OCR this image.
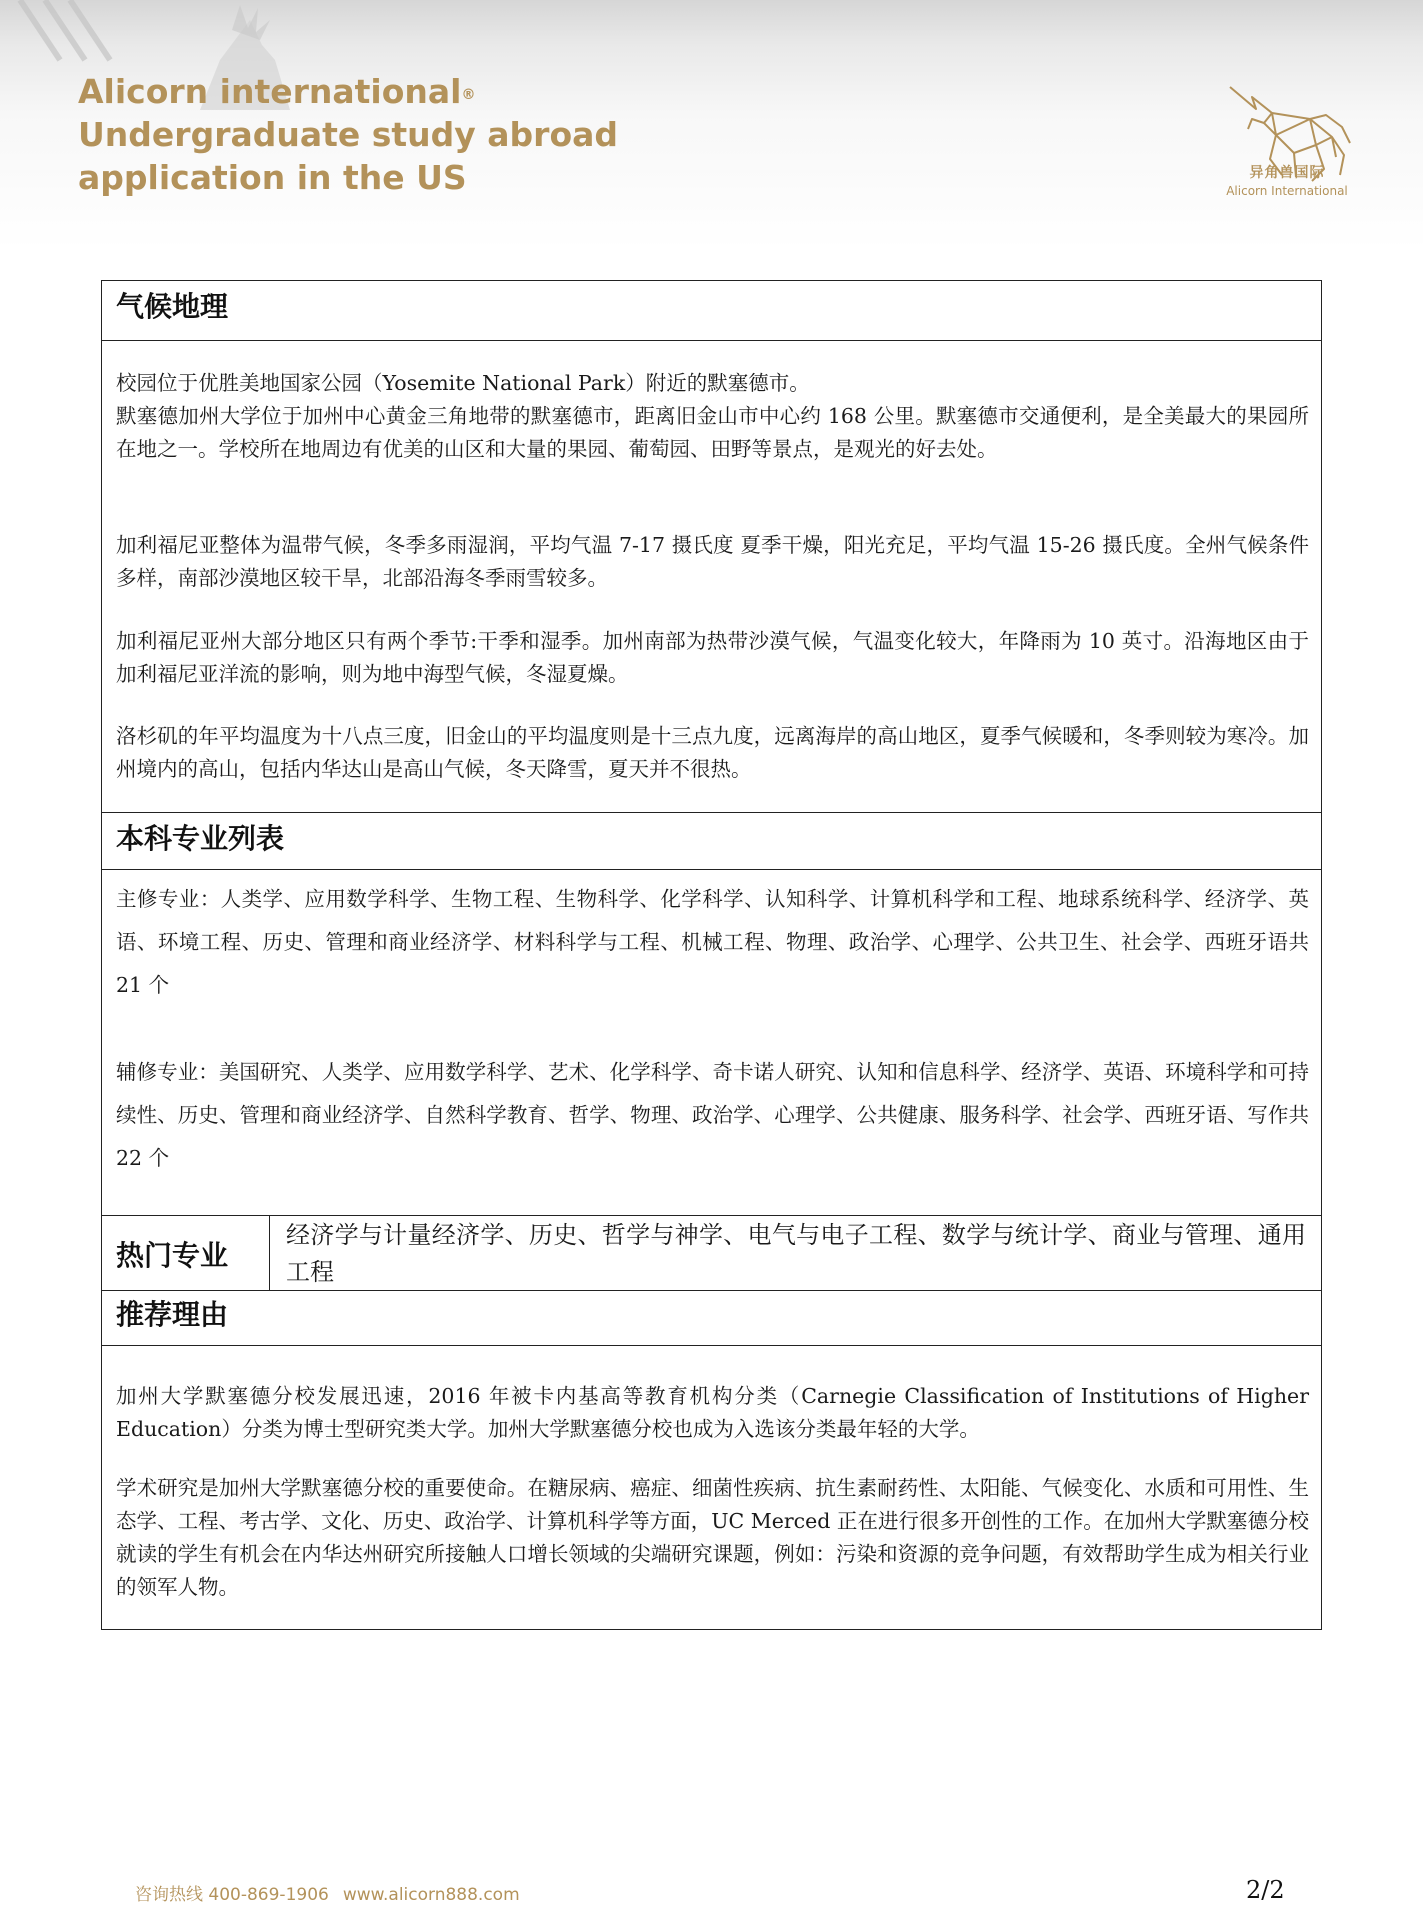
Alicorn international®
Undergraduate study abroad
application in the US	异角兽国际
Alicorn International
气候地理

校园位于优胜美地国家公园（Yosemite National Park）附近的默塞德市。

默塞德加州大学位于加州中心黄金三角地带的默塞德市，距离旧金山市中心约 168 公里。默塞德市交通便利，是全美最大的果园所在地之一。学校所在地周边有优美的山区和大量的果园、葡萄园、田野等景点，是观光的好去处。

加利福尼亚整体为温带气候，冬季多雨湿润，平均气温 7-17 摄氏度 夏季干燥，阳光充足，平均气温 15-26 摄氏度。全州气候条件多样，南部沙漠地区较干旱，北部沿海冬季雨雪较多。

加利福尼亚州大部分地区只有两个季节:干季和湿季。加州南部为热带沙漠气候，气温变化较大，年降雨为 10 英寸。沿海地区由于加利福尼亚洋流的影响，则为地中海型气候，冬湿夏燥。

洛杉矶的年平均温度为十八点三度，旧金山的平均温度则是十三点九度，远离海岸的高山地区，夏季气候暖和，冬季则较为寒冷。加州境内的高山，包括内华达山是高山气候，冬天降雪，夏天并不很热。

本科专业列表

主修专业：人类学、应用数学科学、生物工程、生物科学、化学科学、认知科学、计算机科学和工程、地球系统科学、经济学、英语、环境工程、历史、管理和商业经济学、材料科学与工程、机械工程、物理、政治学、心理学、公共卫生、社会学、西班牙语共 21 个

辅修专业：美国研究、人类学、应用数学科学、艺术、化学科学、奇卡诺人研究、认知和信息科学、经济学、英语、环境科学和可持续性、历史、管理和商业经济学、自然科学教育、哲学、物理、政治学、心理学、公共健康、服务科学、社会学、西班牙语、写作共 22 个

热门专业

经济学与计量经济学、历史、哲学与神学、电气与电子工程、数学与统计学、商业与管理、通用工程

推荐理由

加州大学默塞德分校发展迅速，2016 年被卡内基高等教育机构分类（Carnegie Classification of Institutions of Higher Education）分类为博士型研究类大学。加州大学默塞德分校也成为入选该分类最年轻的大学。

学术研究是加州大学默塞德分校的重要使命。在糖尿病、癌症、细菌性疾病、抗生素耐药性、太阳能、气候变化、水质和可用性、生态学、工程、考古学、文化、历史、政治学、计算机科学等方面，UC Merced 正在进行很多开创性的工作。在加州大学默塞德分校就读的学生有机会在内华达州研究所接触人口增长领域的尖端研究课题，例如：污染和资源的竞争问题，有效帮助学生成为相关行业的领军人物。

咨询热线 400-869-1906 www.alicorn888.com	2/2
